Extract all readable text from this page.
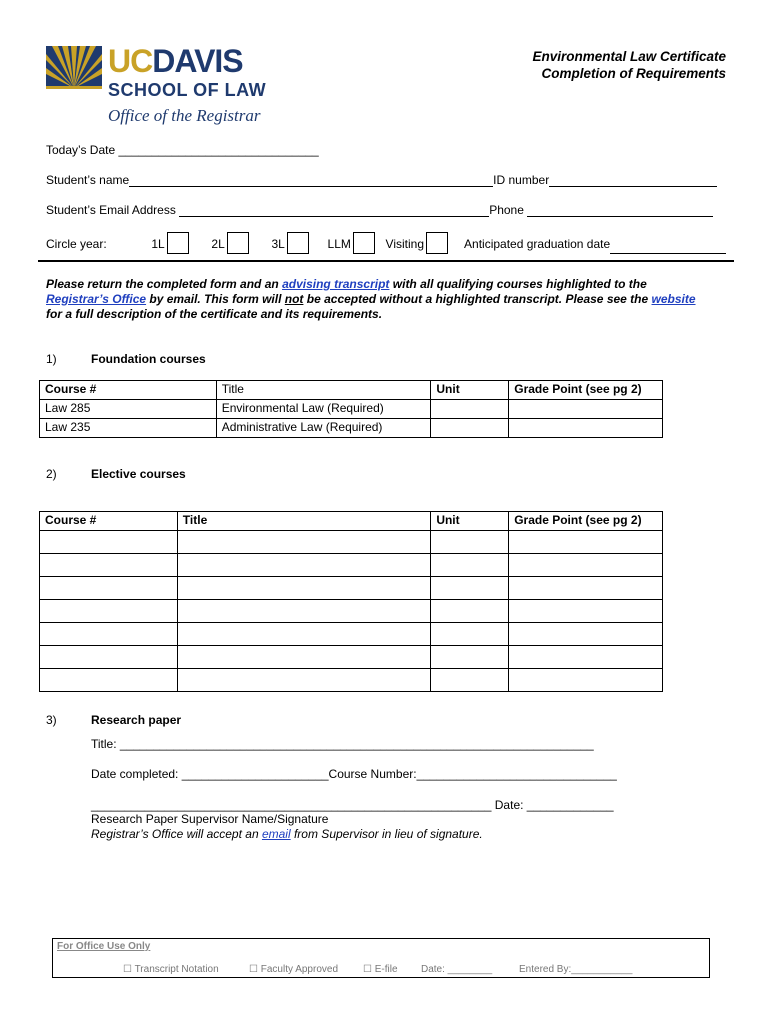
UCDAVIS
SCHOOL OF LAW
Office of the Registrar
Environmental Law Certificate
Completion of Requirements
Today’s Date ______________________________
Student’s name	ID number
Student’s Email Address	Phone
Circle year:	1L	2L	3L	LLM	Visiting	Anticipated graduation date
Please return the completed form and an advising transcript with all qualifying courses highlighted to the Registrar’s Office by email. This form will not be accepted without a highlighted transcript. Please see the website for a full description of the certificate and its requirements.
1)	Foundation courses
Course #	Title	Unit	Grade Point (see pg 2)
Law 285	Environmental Law (Required)		
Law 235	Administrative Law (Required)		
2)	Elective courses
Course #	Title	Unit	Grade Point (see pg 2)

3)	Research paper
Title: _______________________________________________________________________
Date completed: ______________________Course Number:______________________________
____________________________________________________________ Date: _____________
Research Paper Supervisor Name/Signature
Registrar’s Office will accept an email from Supervisor in lieu of signature.
For Office Use Only
☐ Transcript Notation	☐ Faculty Approved ☐ E-file Date: ________	Entered By:___________
